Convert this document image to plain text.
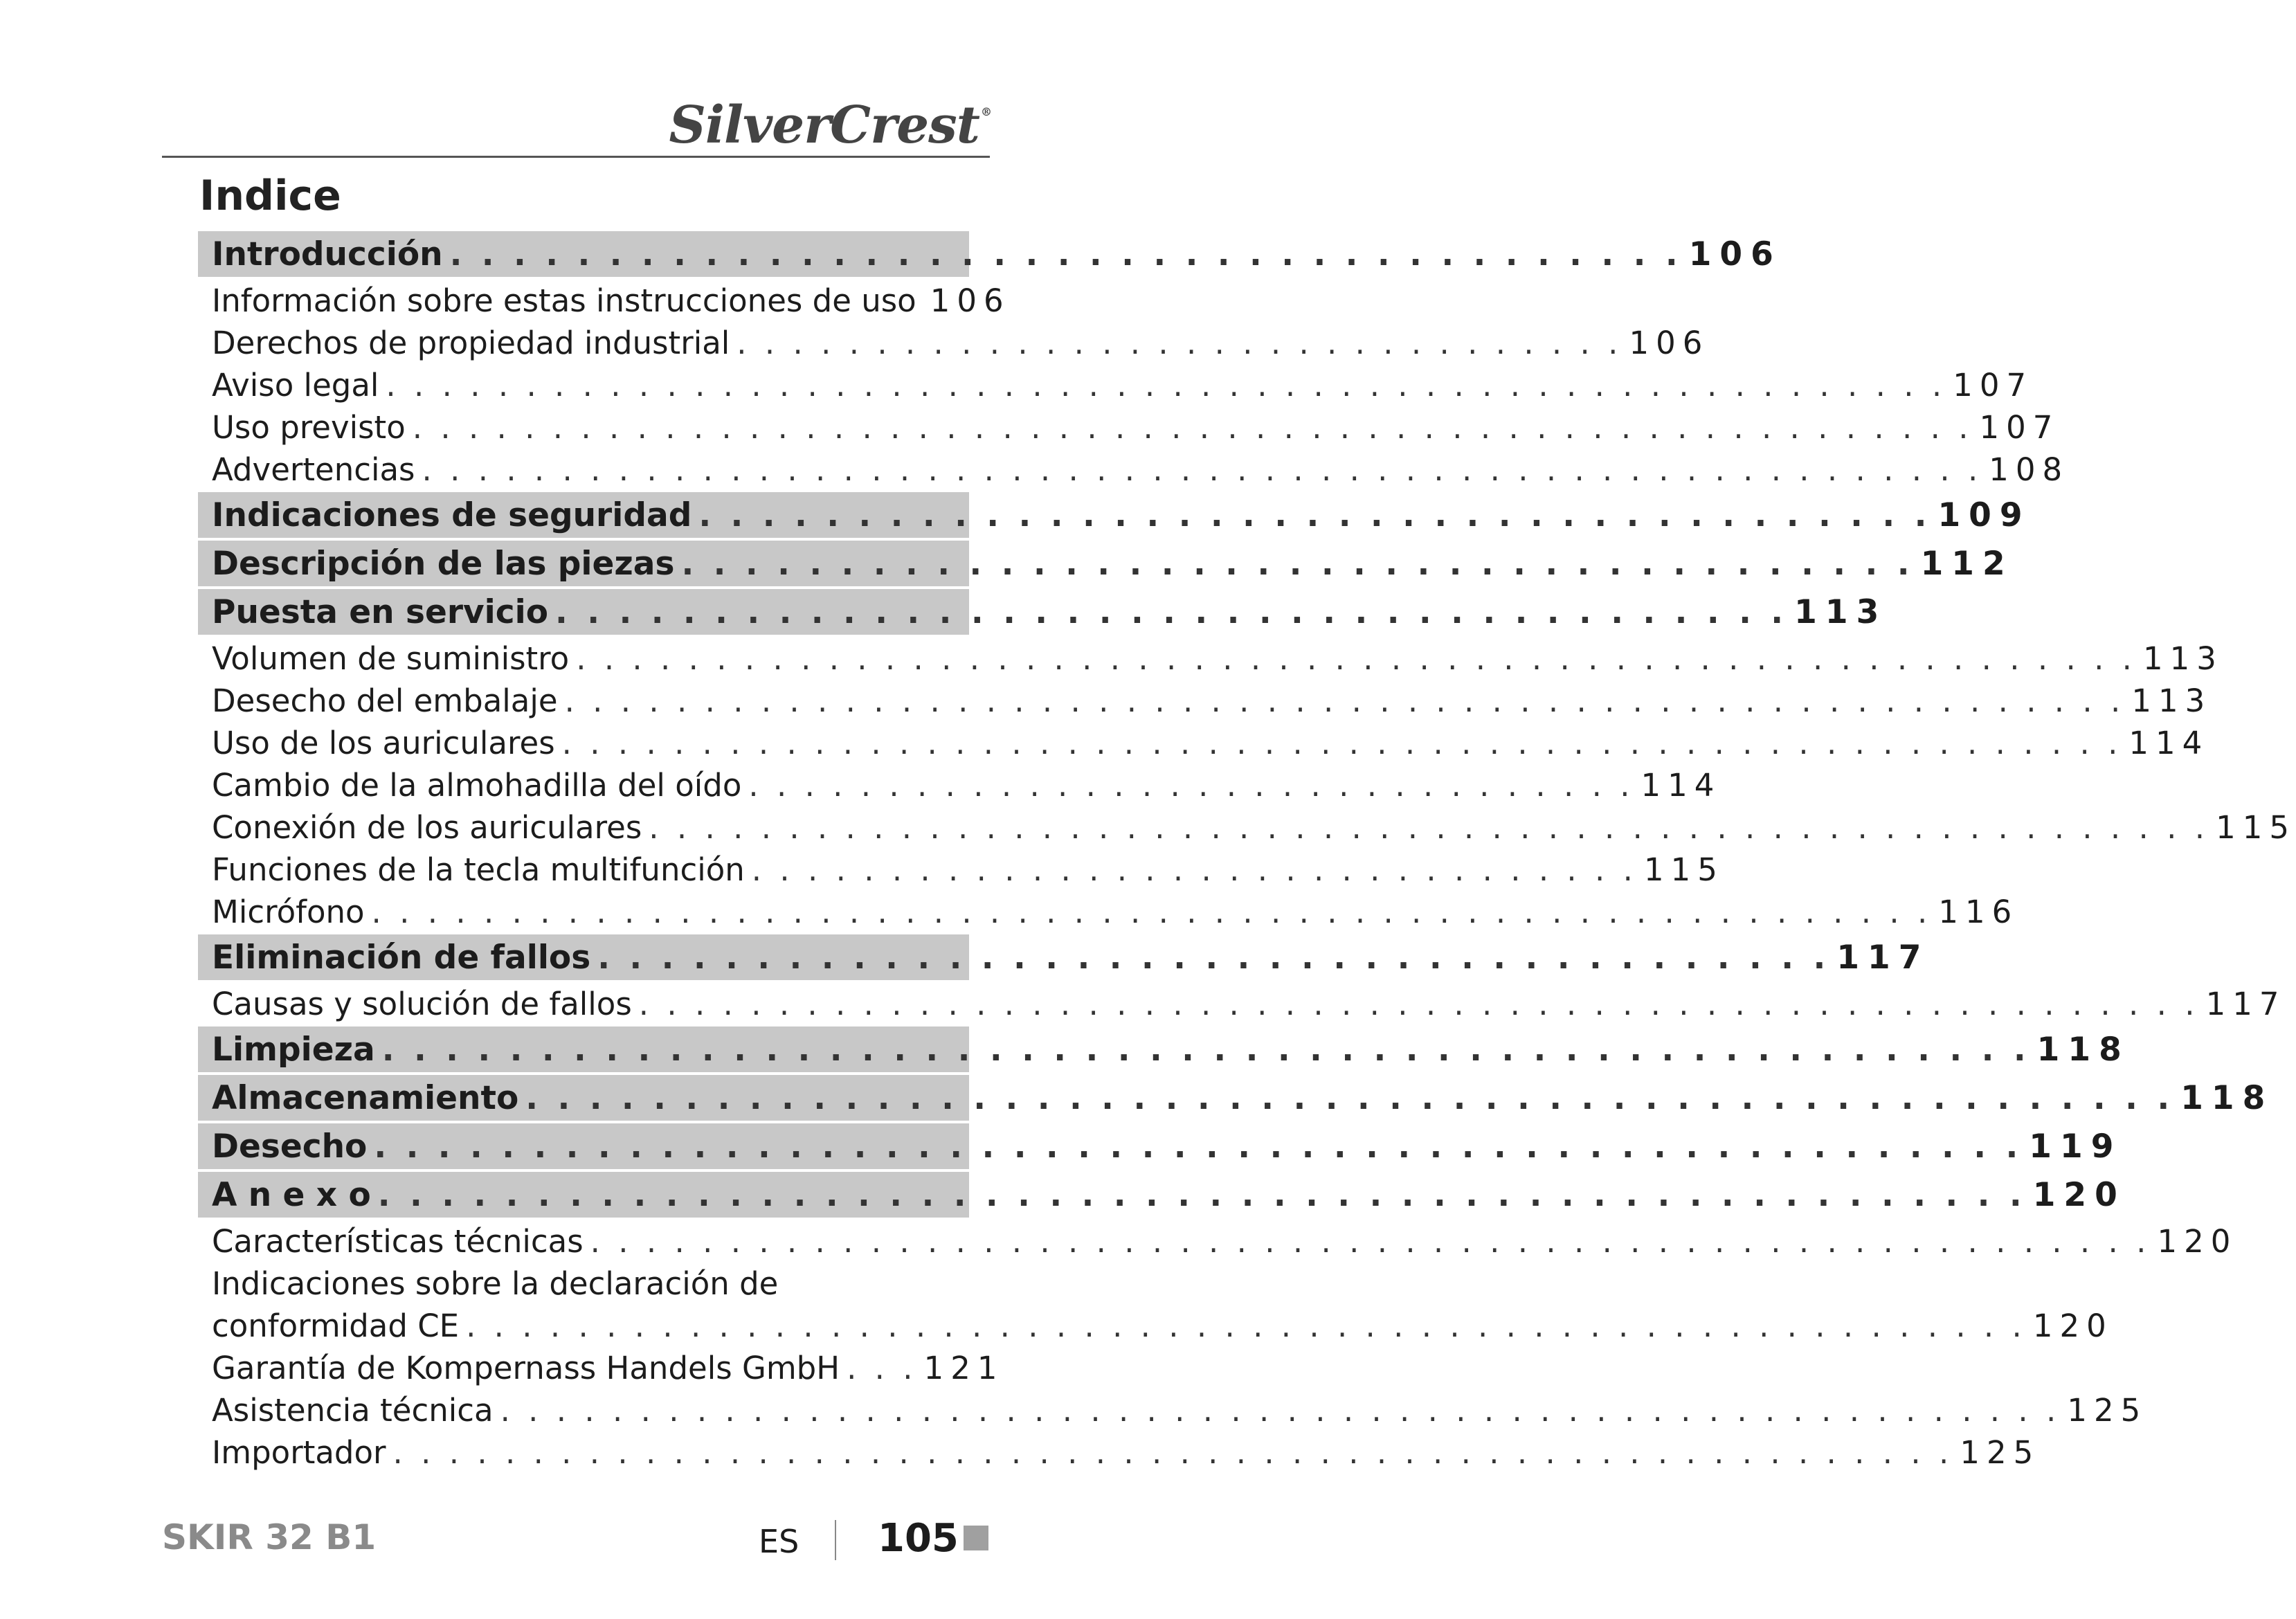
SilverCrest ®
Indice
Introducción . . . . . . . . . . . . . . . . . . . . . . . . . . . . . . . . . . . . . . . 106
Información sobre estas instrucciones de uso 106
Derechos de propiedad industrial . . . . . . . . . . . . . . . . . . . . . . . . . . . . . . . . 106
Aviso legal . . . . . . . . . . . . . . . . . . . . . . . . . . . . . . . . . . . . . . . . . . . . . . . . . . . . . . . . 107
Uso previsto . . . . . . . . . . . . . . . . . . . . . . . . . . . . . . . . . . . . . . . . . . . . . . . . . . . . . . . . 107
Advertencias . . . . . . . . . . . . . . . . . . . . . . . . . . . . . . . . . . . . . . . . . . . . . . . . . . . . . . . . 108
Indicaciones de seguridad . . . . . . . . . . . . . . . . . . . . . . . . . . . . . . . . . . . . . . . 109
Descripción de las piezas . . . . . . . . . . . . . . . . . . . . . . . . . . . . . . . . . . . . . . . 112
Puesta en servicio . . . . . . . . . . . . . . . . . . . . . . . . . . . . . . . . . . . . . . . 113
Volumen de suministro . . . . . . . . . . . . . . . . . . . . . . . . . . . . . . . . . . . . . . . . . . . . . . . . . . . . . . . . 113
Desecho del embalaje . . . . . . . . . . . . . . . . . . . . . . . . . . . . . . . . . . . . . . . . . . . . . . . . . . . . . . . . 113
Uso de los auriculares . . . . . . . . . . . . . . . . . . . . . . . . . . . . . . . . . . . . . . . . . . . . . . . . . . . . . . . . 114
Cambio de la almohadilla del oído . . . . . . . . . . . . . . . . . . . . . . . . . . . . . . . . 114
Conexión de los auriculares . . . . . . . . . . . . . . . . . . . . . . . . . . . . . . . . . . . . . . . . . . . . . . . . . . . . . . . . 115
Funciones de la tecla multifunción . . . . . . . . . . . . . . . . . . . . . . . . . . . . . . . . 115
Micrófono . . . . . . . . . . . . . . . . . . . . . . . . . . . . . . . . . . . . . . . . . . . . . . . . . . . . . . . . 116
Eliminación de fallos . . . . . . . . . . . . . . . . . . . . . . . . . . . . . . . . . . . . . . . 117
Causas y solución de fallos . . . . . . . . . . . . . . . . . . . . . . . . . . . . . . . . . . . . . . . . . . . . . . . . . . . . . . . . 117
Limpieza . . . . . . . . . . . . . . . . . . . . . . . . . . . . . . . . . . . . . . . . . . . . . . . . . . . . 118
Almacenamiento . . . . . . . . . . . . . . . . . . . . . . . . . . . . . . . . . . . . . . . . . . . . . . . . . . . . 118
Desecho . . . . . . . . . . . . . . . . . . . . . . . . . . . . . . . . . . . . . . . . . . . . . . . . . . . . 119
A n e x o . . . . . . . . . . . . . . . . . . . . . . . . . . . . . . . . . . . . . . . . . . . . . . . . . . . . 120
Características técnicas . . . . . . . . . . . . . . . . . . . . . . . . . . . . . . . . . . . . . . . . . . . . . . . . . . . . . . . . 120
Indicaciones sobre la declaración de
conformidad CE . . . . . . . . . . . . . . . . . . . . . . . . . . . . . . . . . . . . . . . . . . . . . . . . . . . . . . . . 120
Garantía de Kompernass Handels GmbH . . . 121
Asistencia técnica . . . . . . . . . . . . . . . . . . . . . . . . . . . . . . . . . . . . . . . . . . . . . . . . . . . . . . . . 125
Importador . . . . . . . . . . . . . . . . . . . . . . . . . . . . . . . . . . . . . . . . . . . . . . . . . . . . . . . . 125
SKIR 32 B1	ES 105
